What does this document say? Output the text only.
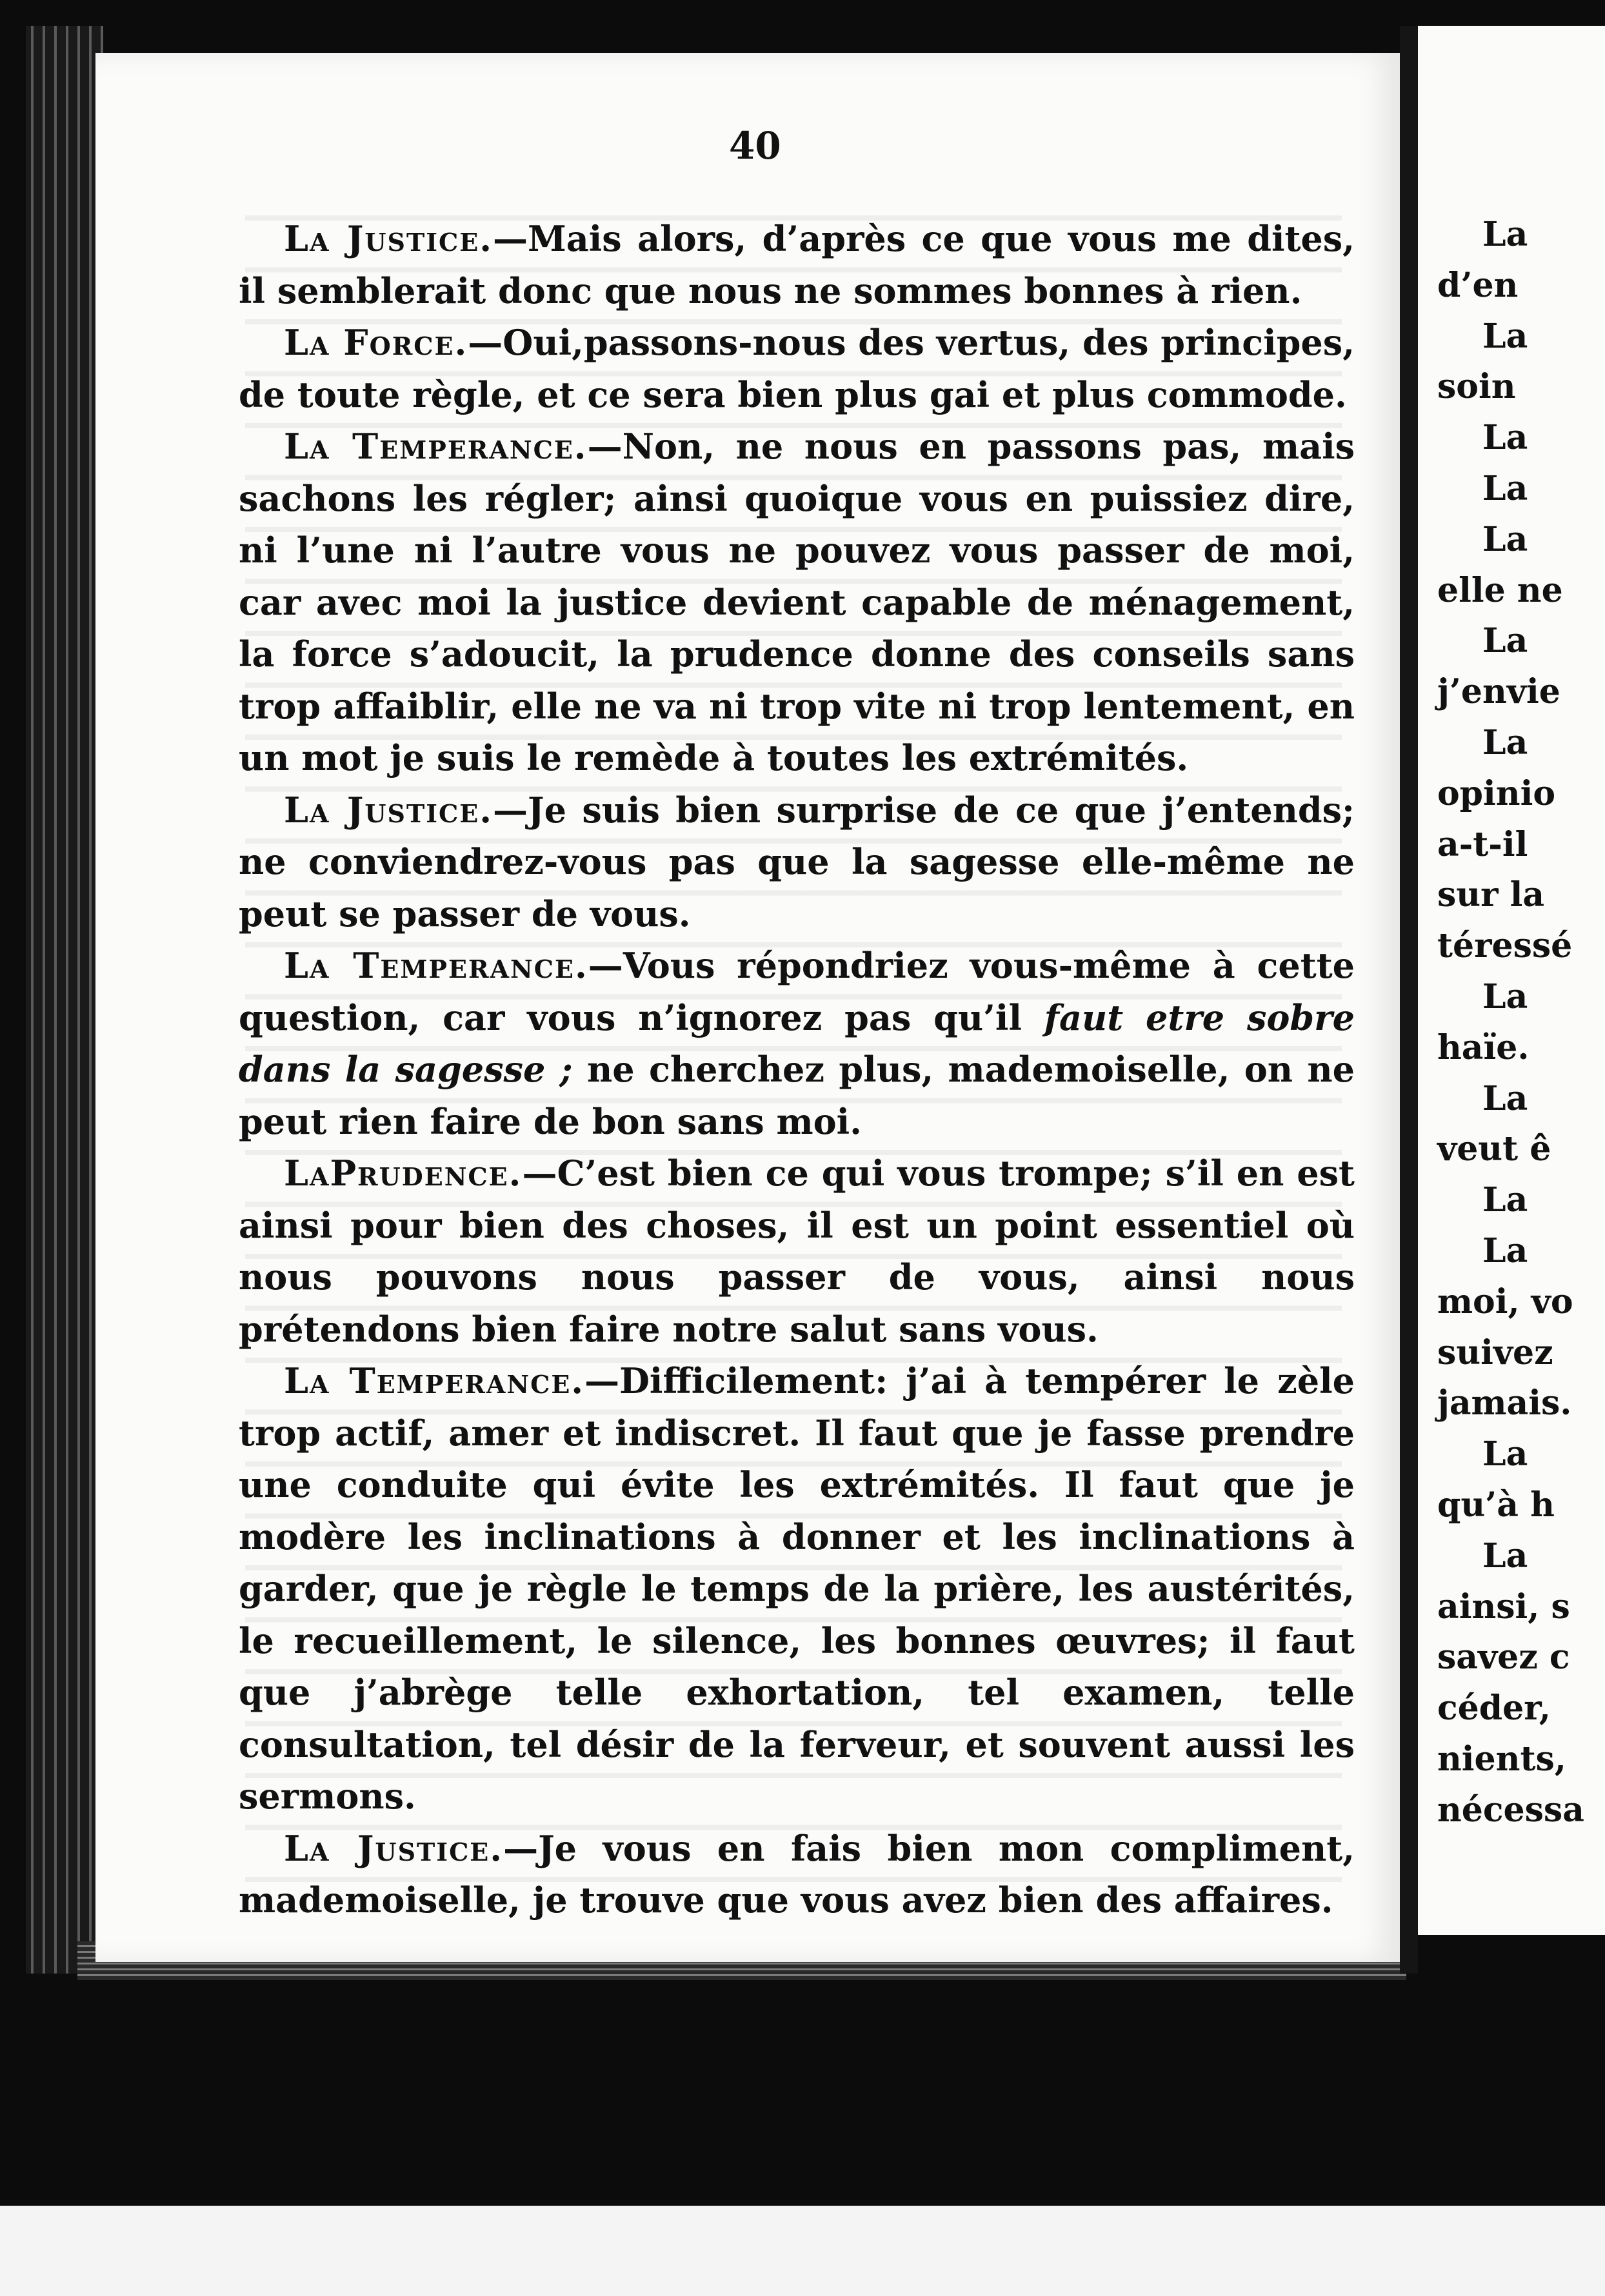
La
d’en
La
soin
La
La
La
elle ne
La
j’envie
La
opinio
a-t-il
sur la
téressé
La
haïe.
La
veut ê
La
La
moi, vo
suivez
jamais.
La
qu’à h
La
ainsi, s
savez c
céder,
nients,
nécessa
40

La Justice.—Mais alors, d’après ce que vous me dites, il semblerait donc que nous ne sommes bonnes à rien.

La Force.—Oui,passons-nous des vertus, des principes, de toute règle, et ce sera bien plus gai et plus commode.

La Temperance.—Non, ne nous en passons pas, mais sachons les régler; ainsi quoique vous en puissiez dire, ni l’une ni l’autre vous ne pouvez vous passer de moi, car avec moi la justice devient capable de ménagement, la force s’adoucit, la prudence donne des conseils sans trop affaiblir, elle ne va ni trop vite ni trop lentement, en un mot je suis le remède à toutes les extrémités.

La Justice.—Je suis bien surprise de ce que j’entends; ne conviendrez-vous pas que la sagesse elle-même ne peut se passer de vous.

La Temperance.—Vous répondriez vous-même à cette question, car vous n’ignorez pas qu’il faut etre sobre dans la sagesse ; ne cherchez plus, mademoiselle, on ne peut rien faire de bon sans moi.

LaPrudence.—C’est bien ce qui vous trompe; s’il en est ainsi pour bien des choses, il est un point essentiel où nous pouvons nous passer de vous, ainsi nous prétendons bien faire notre salut sans vous.

La Temperance.—Difficilement: j’ai à tempérer le zèle trop actif, amer et indiscret. Il faut que je fasse prendre une conduite qui évite les extrémités. Il faut que je modère les inclinations à donner et les inclinations à garder, que je règle le temps de la prière, les austérités, le recueillement, le silence, les bonnes œuvres; il faut que j’abrège telle exhortation, tel examen, telle consultation, tel désir de la ferveur, et souvent aussi les sermons.

La Justice.—Je vous en fais bien mon compliment, mademoiselle, je trouve que vous avez bien des affaires.
